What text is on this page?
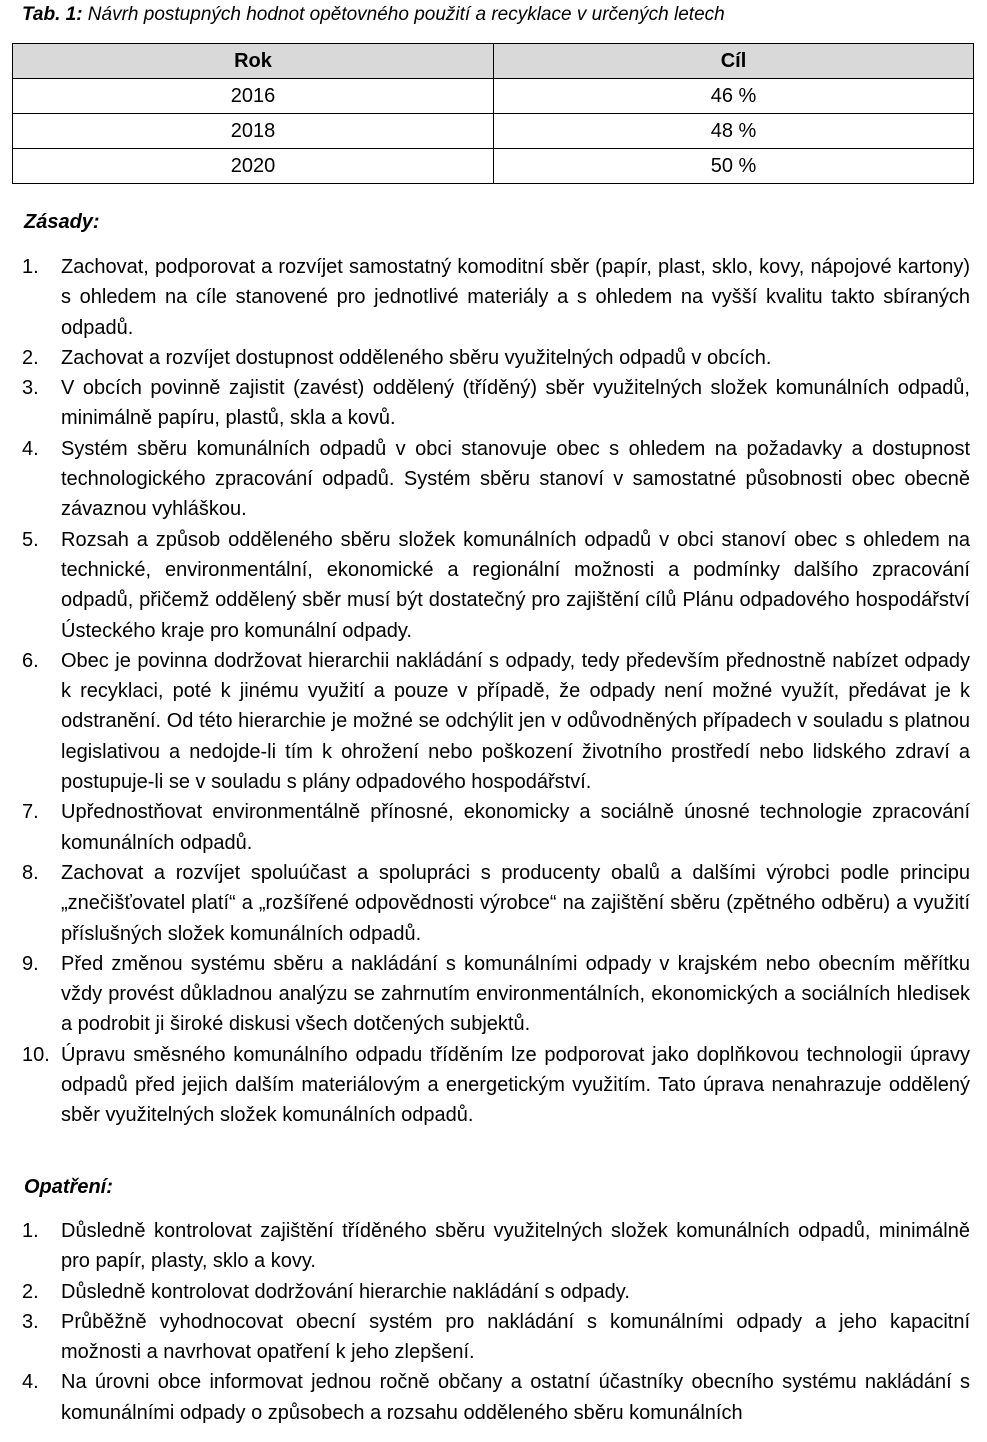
Tab. 1: Návrh postupných hodnot opětovného použití a recyklace v určených letech
Rok	Cíl
2016	46 %
2018	48 %
2020	50 %
Zásady:
1. Zachovat, podporovat a rozvíjet samostatný komoditní sběr (papír, plast, sklo, kovy, nápojové kartony) s ohledem na cíle stanovené pro jednotlivé materiály a s ohledem na vyšší kvalitu takto sbíraných odpadů.
2. Zachovat a rozvíjet dostupnost odděleného sběru využitelných odpadů v obcích.
3. V obcích povinně zajistit (zavést) oddělený (tříděný) sběr využitelných složek komunálních odpadů, minimálně papíru, plastů, skla a kovů.
4. Systém sběru komunálních odpadů v obci stanovuje obec s ohledem na požadavky a dostupnost technologického zpracování odpadů. Systém sběru stanoví v samostatné působnosti obec obecně závaznou vyhláškou.
5. Rozsah a způsob odděleného sběru složek komunálních odpadů v obci stanoví obec s ohledem na technické, environmentální, ekonomické a regionální možnosti a podmínky dalšího zpracování odpadů, přičemž oddělený sběr musí být dostatečný pro zajištění cílů Plánu odpadového hospodářství Ústeckého kraje pro komunální odpady.
6. Obec je povinna dodržovat hierarchii nakládání s odpady, tedy především přednostně nabízet odpady k recyklaci, poté k jinému využití a pouze v případě, že odpady není možné využít, předávat je k odstranění. Od této hierarchie je možné se odchýlit jen v odůvodněných případech v souladu s platnou legislativou a nedojde-li tím k ohrožení nebo poškození životního prostředí nebo lidského zdraví a postupuje-li se v souladu s plány odpadového hospodářství.
7. Upřednostňovat environmentálně přínosné, ekonomicky a sociálně únosné technologie zpracování komunálních odpadů.
8. Zachovat a rozvíjet spoluúčast a spolupráci s producenty obalů a dalšími výrobci podle principu „znečišťovatel platí“ a „rozšířené odpovědnosti výrobce“ na zajištění sběru (zpětného odběru) a využití příslušných složek komunálních odpadů.
9. Před změnou systému sběru a nakládání s komunálními odpady v krajském nebo obecním měřítku vždy provést důkladnou analýzu se zahrnutím environmentálních, ekonomických a sociálních hledisek a podrobit ji široké diskusi všech dotčených subjektů.
10. Úpravu směsného komunálního odpadu tříděním lze podporovat jako doplňkovou technologii úpravy odpadů před jejich dalším materiálovým a energetickým využitím. Tato úprava nenahrazuje oddělený sběr využitelných složek komunálních odpadů.
Opatření:
1. Důsledně kontrolovat zajištění tříděného sběru využitelných složek komunálních odpadů, minimálně pro papír, plasty, sklo a kovy.
2. Důsledně kontrolovat dodržování hierarchie nakládání s odpady.
3. Průběžně vyhodnocovat obecní systém pro nakládání s komunálními odpady a jeho kapacitní možnosti a navrhovat opatření k jeho zlepšení.
4. Na úrovni obce informovat jednou ročně občany a ostatní účastníky obecního systému nakládání s komunálními odpady o způsobech a rozsahu odděleného sběru komunálních
